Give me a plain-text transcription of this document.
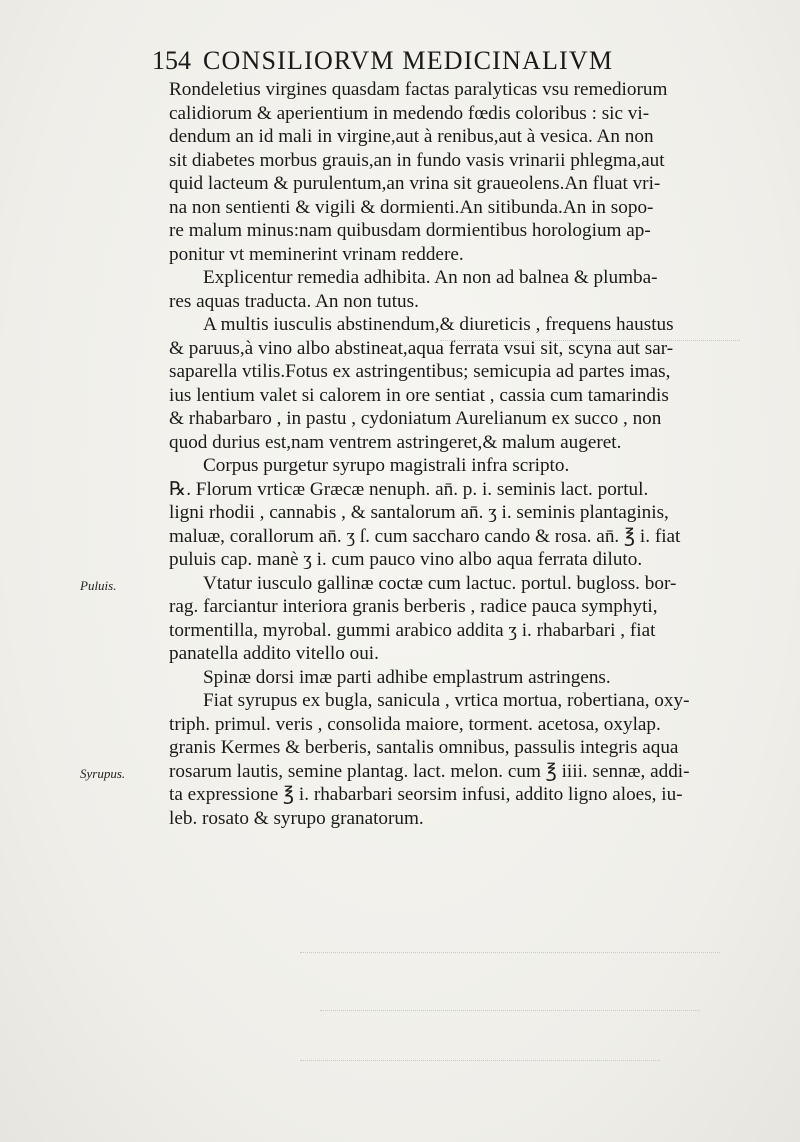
154 CONSILIORVM MEDICINALIVM
Rondeletius virgines quasdam factas paralyticas vsu remediorum
calidiorum & aperientium in medendo fœdis coloribus : sic vi-
dendum an id mali in virgine,aut à renibus,aut à vesica. An non
sit diabetes morbus grauis,an in fundo vasis vrinarii phlegma,aut
quid lacteum & purulentum,an vrina sit graueolens.An fluat vri-
na non sentienti & vigili & dormienti.An sitibunda.An in sopo-
re malum minus:nam quibusdam dormientibus horologium ap-
ponitur vt meminerint vrinam reddere.
Explicentur remedia adhibita. An non ad balnea & plumba-
res aquas traducta. An non tutus.
A multis iusculis abstinendum,& diureticis , frequens haustus
& paruus,à vino albo abstineat,aqua ferrata vsui sit, scyna aut sar-
saparella vtilis.Fotus ex astringentibus; semicupia ad partes imas,
ius lentium valet si calorem in ore sentiat , cassia cum tamarindis
& rhabarbaro , in pastu , cydoniatum Aurelianum ex succo , non
quod durius est,nam ventrem astringeret,& malum augeret.
Corpus purgetur syrupo magistrali infra scripto.
℞. Florum vrticæ Græcæ nenuph. an̄. p. i. seminis lact. portul.
ligni rhodii , cannabis , & santalorum an̄. ʒ i. seminis plantaginis,
maluæ, corallorum an̄. ʒ ſ. cum saccharo cando & rosa. an̄. ℥ i. fiat
puluis cap. manè ʒ i. cum pauco vino albo aqua ferrata diluto.
Vtatur iusculo gallinæ coctæ cum lactuc. portul. bugloss. bor-
rag. farciantur interiora granis berberis , radice pauca symphyti,
tormentilla, myrobal. gummi arabico addita ʒ i. rhabarbari , fiat
panatella addito vitello oui.
Spinæ dorsi imæ parti adhibe emplastrum astringens.
Fiat syrupus ex bugla, sanicula , vrtica mortua, robertiana, oxy-
triph. primul. veris , consolida maiore, torment. acetosa, oxylap.
granis Kermes & berberis, santalis omnibus, passulis integris aqua
rosarum lautis, semine plantag. lact. melon. cum ℥ iiii. sennæ, addi-
ta expressione ℥ i. rhabarbari seorsim infusi, addito ligno aloes, iu-
leb. rosato & syrupo granatorum.
Puluis.
Syrupus.
